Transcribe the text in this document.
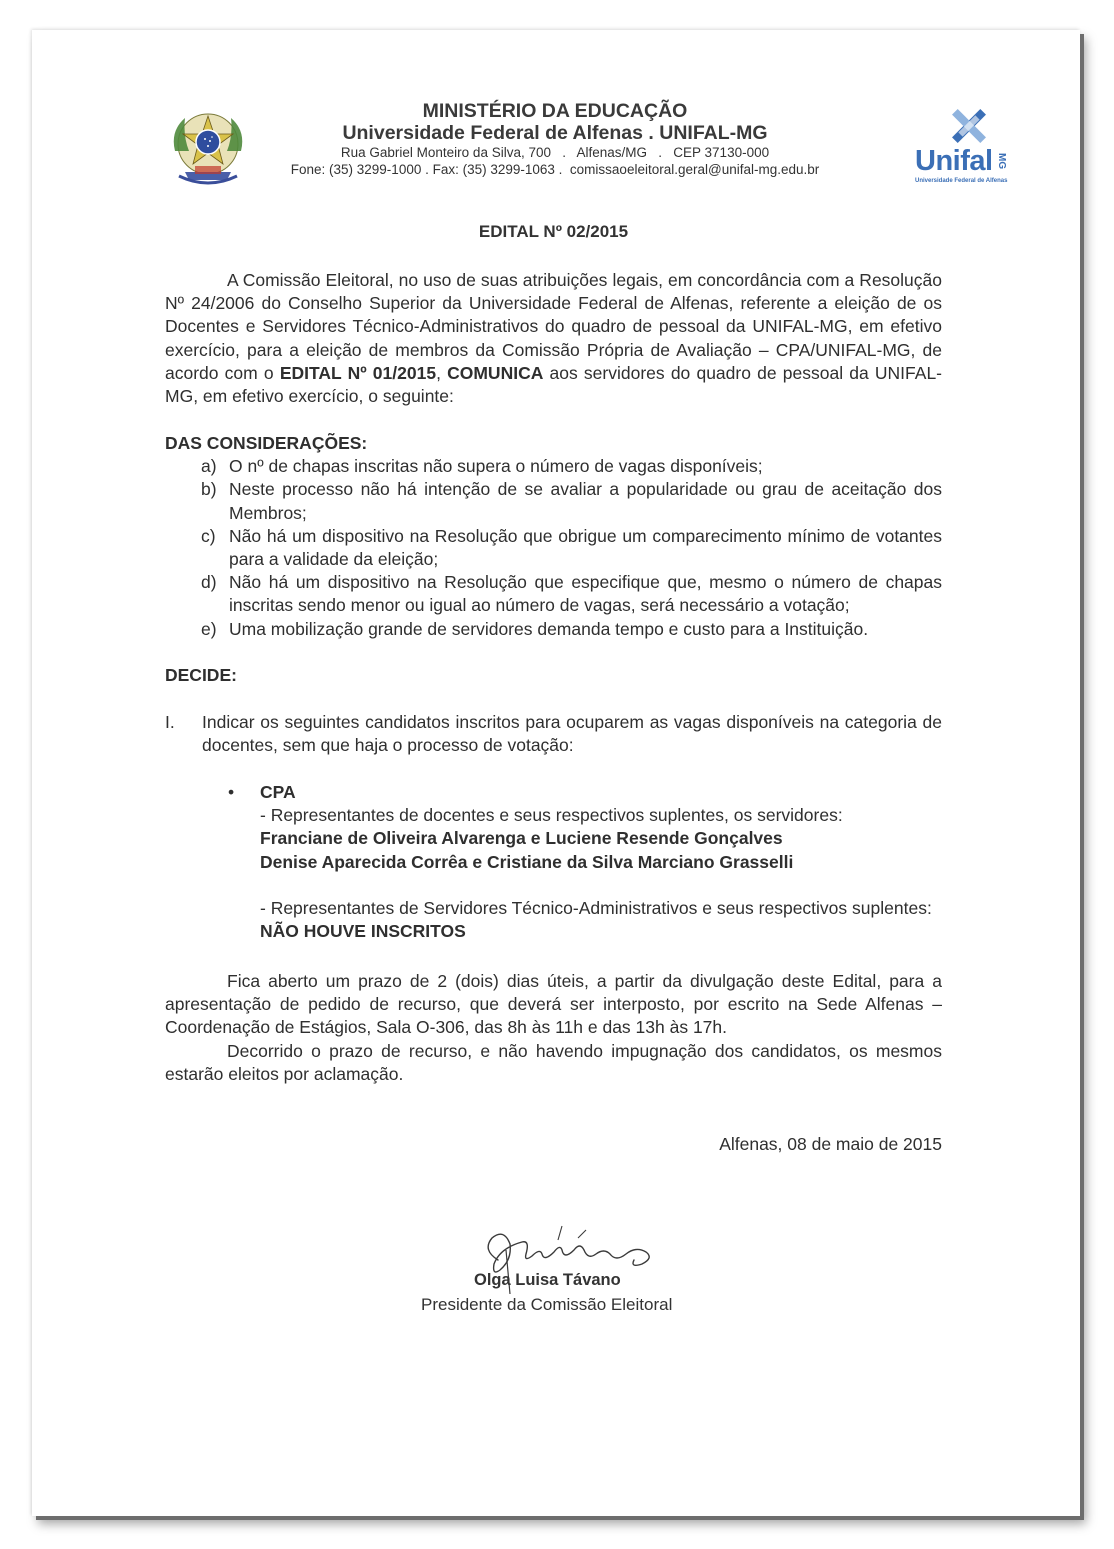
MINISTÉRIO DA EDUCAÇÃO
Universidade Federal de Alfenas . UNIFAL-MG
Rua Gabriel Monteiro da Silva, 700   .   Alfenas/MG   .   CEP 37130-000
Fone: (35) 3299-1000 . Fax: (35) 3299-1063 .  comissaoeleitoral.geral@unifal-mg.edu.br	Unifal MG
Universidade Federal de Alfenas
EDITAL Nº 02/2015
A Comissão Eleitoral, no uso de suas atribuições legais, em concordância com a Resolução Nº 24/2006 do Conselho Superior da Universidade Federal de Alfenas, referente a eleição de os Docentes e Servidores Técnico-Administrativos do quadro de pessoal da UNIFAL-MG, em efetivo exercício, para a eleição de membros da Comissão Própria de Avaliação – CPA/UNIFAL-MG, de acordo com o EDITAL Nº 01/2015, COMUNICA aos servidores do quadro de pessoal da UNIFAL-MG, em efetivo exercício, o seguinte:
DAS CONSIDERAÇÕES:
a) O nº de chapas inscritas não supera o número de vagas disponíveis;
b) Neste processo não há intenção de se avaliar a popularidade ou grau de aceitação dos Membros;
c) Não há um dispositivo na Resolução que obrigue um comparecimento mínimo de votantes para a validade da eleição;
d) Não há um dispositivo na Resolução que especifique que, mesmo o número de chapas inscritas sendo menor ou igual ao número de vagas, será necessário a votação;
e) Uma mobilização grande de servidores demanda tempo e custo para a Instituição.
DECIDE:
I.	Indicar os seguintes candidatos inscritos para ocuparem as vagas disponíveis na categoria de docentes, sem que haja o processo de votação:
• CPA
- Representantes de docentes e seus respectivos suplentes, os servidores:
Franciane de Oliveira Alvarenga e Luciene Resende Gonçalves
Denise Aparecida Corrêa e Cristiane da Silva Marciano Grasselli
- Representantes de Servidores Técnico-Administrativos e seus respectivos suplentes:
NÃO HOUVE INSCRITOS
Fica aberto um prazo de 2 (dois) dias úteis, a partir da divulgação deste Edital, para a apresentação de pedido de recurso, que deverá ser interposto, por escrito na Sede Alfenas – Coordenação de Estágios, Sala O-306, das 8h às 11h e das 13h às 17h.
Decorrido o prazo de recurso, e não havendo impugnação dos candidatos, os mesmos estarão eleitos por aclamação.
Alfenas, 08 de maio de 2015
Olga Luisa Távano
Presidente da Comissão Eleitoral
